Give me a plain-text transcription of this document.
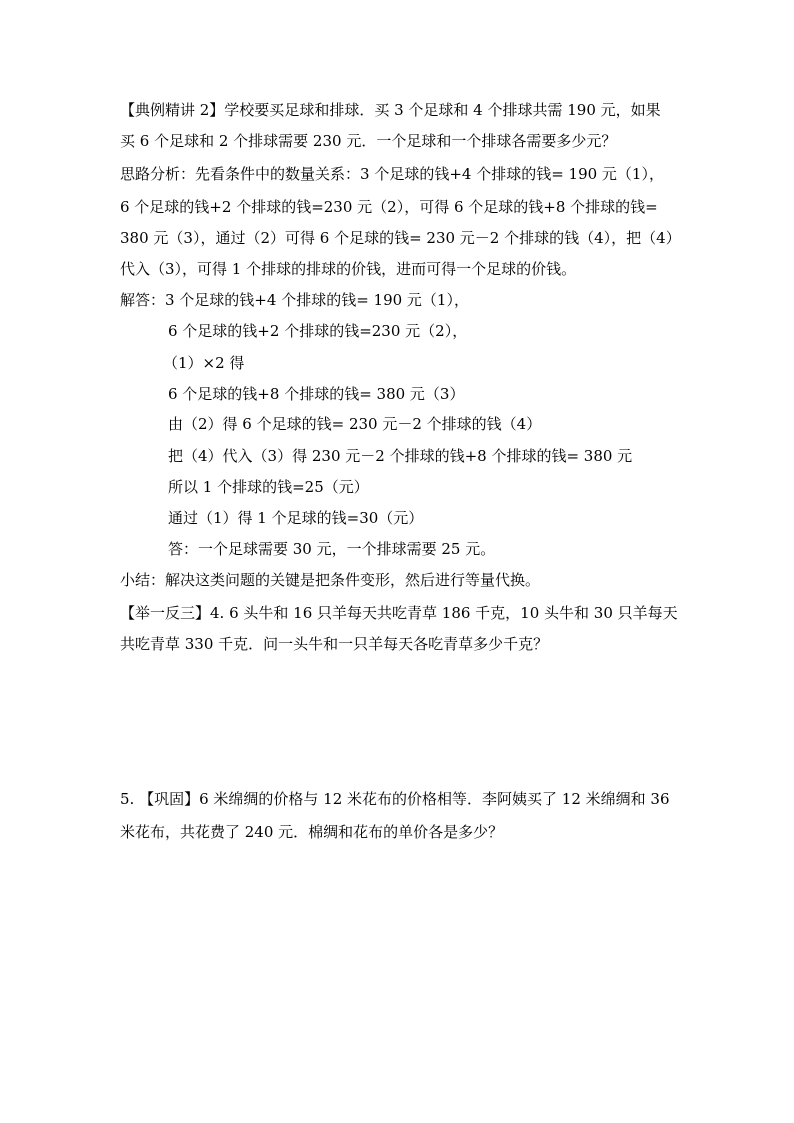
【典例精讲 2】学校要买足球和排球．买 3 个足球和 4 个排球共需 190 元，如果
买 6 个足球和 2 个排球需要 230 元．一个足球和一个排球各需要多少元？
思路分析：先看条件中的数量关系：3 个足球的钱+4 个排球的钱= 190 元（1），
6 个足球的钱+2 个排球的钱=230 元（2），可得 6 个足球的钱+8 个排球的钱=
380 元（3），通过（2）可得 6 个足球的钱= 230 元－2 个排球的钱（4），把（4）
代入（3），可得 1 个排球的排球的价钱，进而可得一个足球的价钱。
解答：3 个足球的钱+4 个排球的钱= 190 元（1），
6 个足球的钱+2 个排球的钱=230 元（2），
（1）×2 得
6 个足球的钱+8 个排球的钱= 380 元（3）
由（2）得 6 个足球的钱= 230 元－2 个排球的钱（4）
把（4）代入（3）得 230 元－2 个排球的钱+8 个排球的钱= 380 元
所以 1 个排球的钱=25（元）
通过（1）得 1 个足球的钱=30（元）
答：一个足球需要 30 元，一个排球需要 25 元。
小结：解决这类问题的关键是把条件变形，然后进行等量代换。
【举一反三】4. 6 头牛和 16 只羊每天共吃青草 186 千克，10 头牛和 30 只羊每天
共吃青草 330 千克．问一头牛和一只羊每天各吃青草多少千克？
5. 【巩固】6 米绵绸的价格与 12 米花布的价格相等．李阿姨买了 12 米绵绸和 36
米花布，共花费了 240 元．棉绸和花布的单价各是多少？
